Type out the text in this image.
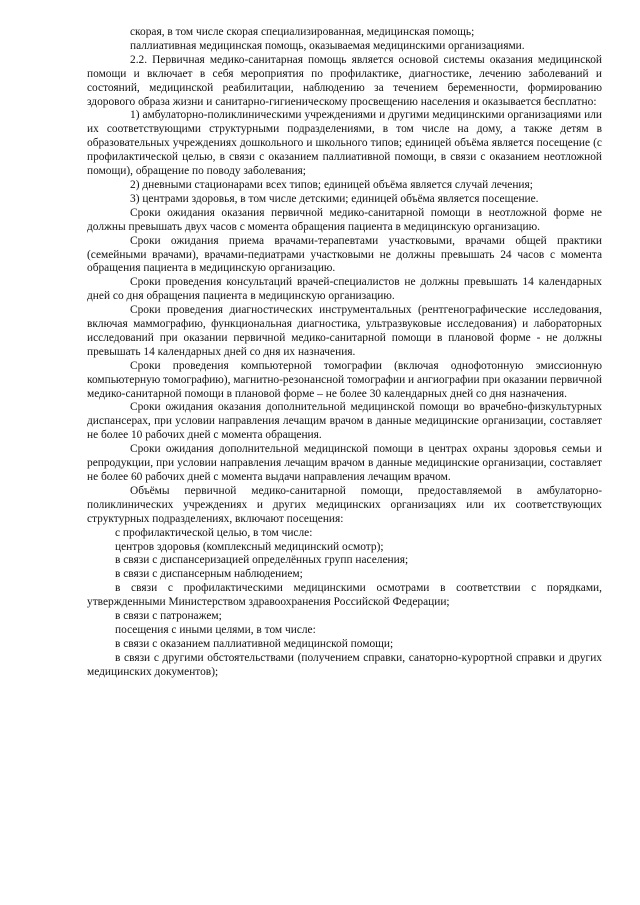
скорая, в том числе скорая специализированная, медицинская помощь;

паллиативная медицинская помощь, оказываемая медицинскими организациями.

2.2. Первичная медико-санитарная помощь является основой системы оказания медицинской помощи и включает в себя мероприятия по профилактике, диагностике, лечению заболеваний и состояний, медицинской реабилитации, наблюдению за течением беременности, формированию здорового образа жизни и санитарно-гигиеническому просвещению населения и оказывается бесплатно:

1) амбулаторно-поликлиническими учреждениями и другими медицинскими организациями или их соответствующими структурными подразделениями, в том числе на дому, а также детям в образовательных учреждениях дошкольного и школьного типов; единицей объёма является посещение (с профилактической целью, в связи с оказанием паллиативной помощи, в связи с оказанием неотложной помощи), обращение по поводу заболевания;

2) дневными стационарами всех типов; единицей объёма является случай лечения;

3) центрами здоровья, в том числе детскими; единицей объёма является посещение.

Сроки ожидания оказания первичной медико-санитарной помощи в неотложной форме не должны превышать двух часов с момента обращения пациента в медицинскую организацию.

Сроки ожидания приема врачами-терапевтами участковыми, врачами общей практики (семейными врачами), врачами-педиатрами участковыми не должны превышать 24 часов с момента обращения пациента в медицинскую организацию.

Сроки проведения консультаций врачей-специалистов не должны превышать 14 календарных дней со дня обращения пациента в медицинскую организацию.

Сроки проведения диагностических инструментальных (рентгенографические исследования, включая маммографию, функциональная диагностика, ультразвуковые исследования) и лабораторных исследований при оказании первичной медико-санитарной помощи в плановой форме - не должны превышать 14 календарных дней со дня их назначения.

Сроки проведения компьютерной томографии (включая однофотонную эмиссионную компьютерную томографию), магнитно-резонансной томографии и ангиографии при оказании первичной медико-санитарной помощи в плановой форме – не более 30 календарных дней со дня назначения.

Сроки ожидания оказания дополнительной медицинской помощи во врачебно-физкультурных диспансерах, при условии направления лечащим врачом в данные медицинские организации, составляет не более 10 рабочих дней с момента обращения.

Сроки ожидания дополнительной медицинской помощи в центрах охраны здоровья семьи и репродукции, при условии направления лечащим врачом в данные медицинские организации, составляет не более 60 рабочих дней с момента выдачи направления лечащим врачом.

Объёмы первичной медико-санитарной помощи, предоставляемой в амбулаторно-поликлинических учреждениях и других медицинских организациях или их соответствующих структурных подразделениях, включают посещения:

с профилактической целью, в том числе:

центров здоровья (комплексный медицинский осмотр);

в связи с диспансеризацией определённых групп населения;

в связи с диспансерным наблюдением;

в связи с профилактическими медицинскими осмотрами в соответствии с порядками, утвержденными Министерством здравоохранения Российской Федерации;

в связи с патронажем;

посещения с иными целями, в том числе:

в связи с оказанием паллиативной медицинской помощи;

в связи с другими обстоятельствами (получением справки, санаторно-курортной справки и других медицинских документов);
